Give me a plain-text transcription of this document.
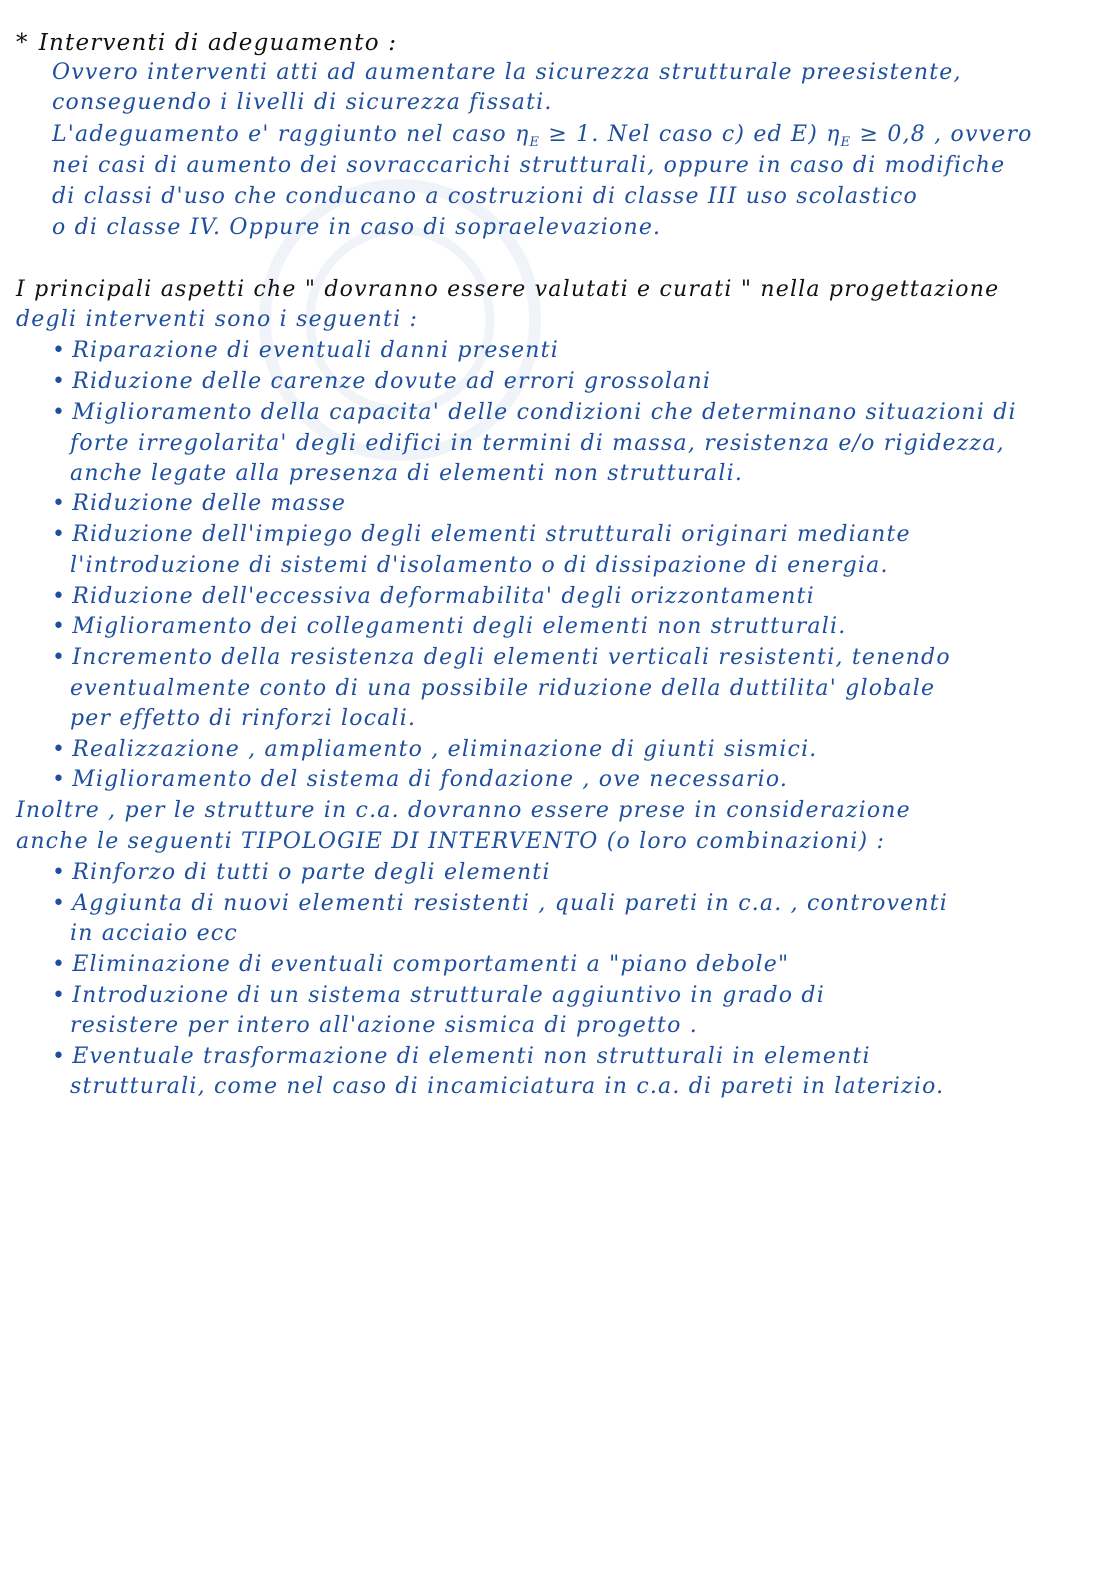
* Interventi di adeguamento :
Ovvero interventi atti ad aumentare la sicurezza strutturale preesistente,
conseguendo i livelli di sicurezza fissati.
L'adeguamento e' raggiunto nel caso $\eta_E \ge 1$. Nel caso c) ed E) $\eta_E \ge 0,8$ , ovvero
nei casi di aumento dei sovraccarichi strutturali, oppure in caso di modifiche
di classi d'uso che conducano a costruzioni di classe III uso scolastico
o di classe IV. Oppure in caso di sopraelevazione.
I principali aspetti che " dovranno essere valutati e curati " nella progettazione
degli interventi sono i seguenti :
• Riparazione di eventuali danni presenti
• Riduzione delle carenze dovute ad errori grossolani
• Miglioramento della capacita' delle condizioni che determinano situazioni di
forte irregolarita' degli edifici in termini di massa, resistenza e/o rigidezza,
anche legate alla presenza di elementi non strutturali.
• Riduzione delle masse
• Riduzione dell'impiego degli elementi strutturali originari mediante
l'introduzione di sistemi d'isolamento o di dissipazione di energia.
• Riduzione dell'eccessiva deformabilita' degli orizzontamenti
• Miglioramento dei collegamenti degli elementi non strutturali.
• Incremento della resistenza degli elementi verticali resistenti, tenendo
eventualmente conto di una possibile riduzione della duttilita' globale
per effetto di rinforzi locali.
• Realizzazione , ampliamento , eliminazione di giunti sismici.
• Miglioramento del sistema di fondazione , ove necessario.
Inoltre , per le strutture in c.a. dovranno essere prese in considerazione
anche le seguenti TIPOLOGIE DI INTERVENTO (o loro combinazioni) :
• Rinforzo di tutti o parte degli elementi
• Aggiunta di nuovi elementi resistenti , quali pareti in c.a. , controventi
in acciaio ecc
• Eliminazione di eventuali comportamenti a "piano debole"
• Introduzione di un sistema strutturale aggiuntivo in grado di
resistere per intero all'azione sismica di progetto .
• Eventuale trasformazione di elementi non strutturali in elementi
strutturali, come nel caso di incamiciatura in c.a. di pareti in laterizio.
